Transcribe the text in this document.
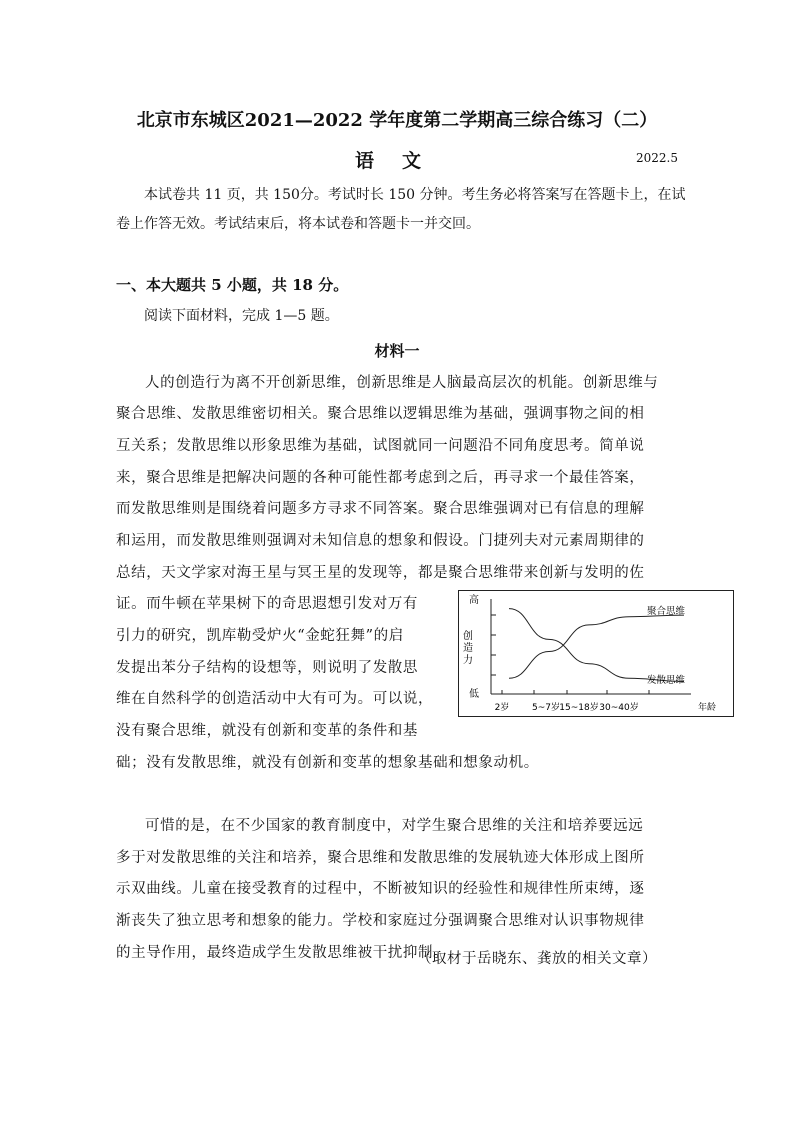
北京市东城区2021—2022 学年度第二学期高三综合练习（二）
语文	2022.5
本试卷共 11 页，共 150分。考试时长 150 分钟。考生务必将答案写在答题卡上，在试
卷上作答无效。考试结束后，将本试卷和答题卡一并交回。
一、本大题共 5 小题，共 18 分。
阅读下面材料，完成 1—5 题。
材料一
人的创造行为离不开创新思维，创新思维是人脑最高层次的机能。创新思维与
聚合思维、发散思维密切相关。聚合思维以逻辑思维为基础，强调事物之间的相
互关系；发散思维以形象思维为基础，试图就同一问题沿不同角度思考。简单说
来，聚合思维是把解决问题的各种可能性都考虑到之后，再寻求一个最佳答案，
而发散思维则是围绕着问题多方寻求不同答案。聚合思维强调对已有信息的理解
和运用，而发散思维则强调对未知信息的想象和假设。门捷列夫对元素周期律的
总结，天文学家对海王星与冥王星的发现等，都是聚合思维带来创新与发明的佐
证。而牛顿在苹果树下的奇思遐想引发对万有
引力的研究，凯库勒受炉火“金蛇狂舞”的启
发提出苯分子结构的设想等，则说明了发散思
维在自然科学的创造活动中大有可为。可以说，
没有聚合思维，就没有创新和变革的条件和基
础；没有发散思维，就没有创新和变革的想象基础和想象动机。
可惜的是，在不少国家的教育制度中，对学生聚合思维的关注和培养要远远
多于对发散思维的关注和培养，聚合思维和发散思维的发展轨迹大体形成上图所
示双曲线。儿童在接受教育的过程中，不断被知识的经验性和规律性所束缚，逐
渐丧失了独立思考和想象的能力。学校和家庭过分强调聚合思维对认识事物规律
的主导作用，最终造成学生发散思维被干扰抑制。
（取材于岳晓东、龚放的相关文章）
高
低
创
造
力
年龄
2岁	5~7岁 15~18岁 30~40岁
聚合思维
发散思维
